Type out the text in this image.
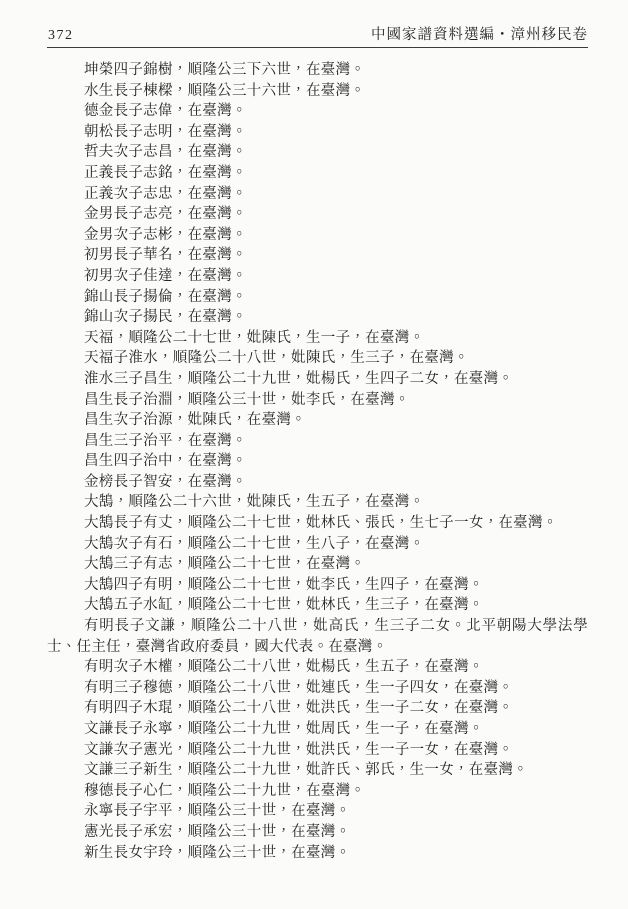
372	中國家譜資料選編・漳州移民卷

坤榮四子錦樹，順隆公三下六世，在臺灣。

水生長子棟樑，順隆公三十六世，在臺灣。

德金長子志偉，在臺灣。

朝松長子志明，在臺灣。

哲夫次子志昌，在臺灣。

正義長子志銘，在臺灣。

正義次子志忠，在臺灣。

金男長子志亮，在臺灣。

金男次子志彬，在臺灣。

初男長子華名，在臺灣。

初男次子佳達，在臺灣。

錦山長子揚倫，在臺灣。

錦山次子揚民，在臺灣。

天福，順隆公二十七世，妣陳氏，生一子，在臺灣。

天福子淮水，順隆公二十八世，妣陳氏，生三子，在臺灣。

淮水三子昌生，順隆公二十九世，妣楊氏，生四子二女，在臺灣。

昌生長子治淵，順隆公三十世，妣李氏，在臺灣。

昌生次子治源，妣陳氏，在臺灣。

昌生三子治平，在臺灣。

昌生四子治中，在臺灣。

金榜長子智安，在臺灣。

大鵠，順隆公二十六世，妣陳氏，生五子，在臺灣。

大鵠長子有丈，順隆公二十七世，妣林氏、張氏，生七子一女，在臺灣。

大鵠次子有石，順隆公二十七世，生八子，在臺灣。

大鵠三子有志，順隆公二十七世，在臺灣。

大鵠四子有明，順隆公二十七世，妣李氏，生四子，在臺灣。

大鵠五子水缸，順隆公二十七世，妣林氏，生三子，在臺灣。

有明長子文謙，順隆公二十八世，妣高氏，生三子二女。北平朝陽大學法學士、任主任，臺灣省政府委員，國大代表。在臺灣。

有明次子木權，順隆公二十八世，妣楊氏，生五子，在臺灣。

有明三子穆德，順隆公二十八世，妣連氏，生一子四女，在臺灣。

有明四子木琨，順隆公二十八世，妣洪氏，生一子二女，在臺灣。

文謙長子永寧，順隆公二十九世，妣周氏，生一子，在臺灣。

文謙次子憲光，順隆公二十九世，妣洪氏，生一子一女，在臺灣。

文謙三子新生，順隆公二十九世，妣許氏、郭氏，生一女，在臺灣。

穆德長子心仁，順隆公二十九世，在臺灣。

永寧長子宇平，順隆公三十世，在臺灣。

憲光長子承宏，順隆公三十世，在臺灣。

新生長女宇玲，順隆公三十世，在臺灣。
